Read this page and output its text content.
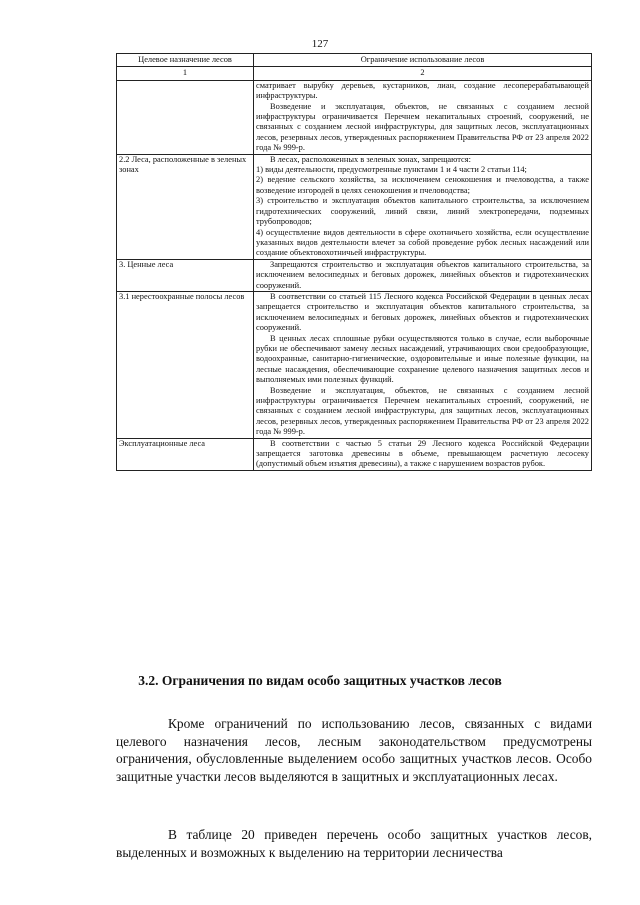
127
Целевое назначение лесов	Ограничение использование лесов
1	2

	сматривает вырубку деревьев, кустарников, лиан, создание лесоперерабатывающей инфраструктуры.

Возведение и эксплуатация, объектов, не связанных с созданием лесной инфраструктуры ограничивается Перечнем некапитальных строений, сооружений, не связанных с созданием лесной инфраструктуры, для защитных лесов, эксплуатационных лесов, резервных лесов, утвержденных распоряжением Правительства РФ от 23 апреля 2022 года № 999-р.

2.2 Леса, расположенные в зеленых зонах	В лесах, расположенных в зеленых зонах, запрещаются:

1) виды деятельности, предусмотренные пунктами 1 и 4 части 2 статьи 114;

2) ведение сельского хозяйства, за исключением сенокошения и пчеловодства, а также возведение изгородей в целях сенокошения и пчеловодства;

3) строительство и эксплуатация объектов капитального строительства, за исключением гидротехнических сооружений, линий связи, линий электропередачи, подземных трубопроводов;

4) осуществление видов деятельности в сфере охотничьего хозяйства, если осуществление указанных видов деятельности влечет за собой проведение рубок лесных насаждений или создание объектовохотничьей инфраструктуры.

3. Ценные леса	Запрещаются строительство и эксплуатация объектов капитального строительства, за исключением велосипедных и беговых дорожек, линейных объектов и гидротехнических сооружений.

3.1 нерестоохранные полосы лесов	В соответствии со статьей 115 Лесного кодекса Российской Федерации в ценных лесах запрещается строительство и эксплуатация объектов капитального строительства, за исключением велосипедных и беговых дорожек, линейных объектов и гидротехнических сооружений.

В ценных лесах сплошные рубки осуществляются только в случае, если выборочные рубки не обеспечивают замену лесных насаждений, утрачивающих свои средообразующие, водоохранные, санитарно-гигиенические, оздоровительные и иные полезные функции, на лесные насаждения, обеспечивающие сохранение целевого назначения защитных лесов и выполняемых ими полезных функций.

Возведение и эксплуатация, объектов, не связанных с созданием лесной инфраструктуры ограничивается Перечнем некапитальных строений, сооружений, не связанных с созданием лесной инфраструктуры, для защитных лесов, эксплуатационных лесов, резервных лесов, утвержденных распоряжением Правительства РФ от 23 апреля 2022 года № 999-р.

Эксплуатационные леса	В соответствии с частью 5 статьи 29 Лесного кодекса Российской Федерации запрещается заготовка древесины в объеме, превышающем расчетную лесосеку (допустимый объем изъятия древесины), а также с нарушением возрастов рубок.

3.2. Ограничения по видам особо защитных участков лесов

Кроме ограничений по использованию лесов, связанных с видами целевого назначения лесов, лесным законодательством предусмотрены ограничения, обусловленные выделением особо защитных участков лесов. Особо защитные участки лесов выделяются в защитных и эксплуатационных лесах.

В таблице 20 приведен перечень особо защитных участков лесов, выделенных и возможных к выделению на территории лесничества
